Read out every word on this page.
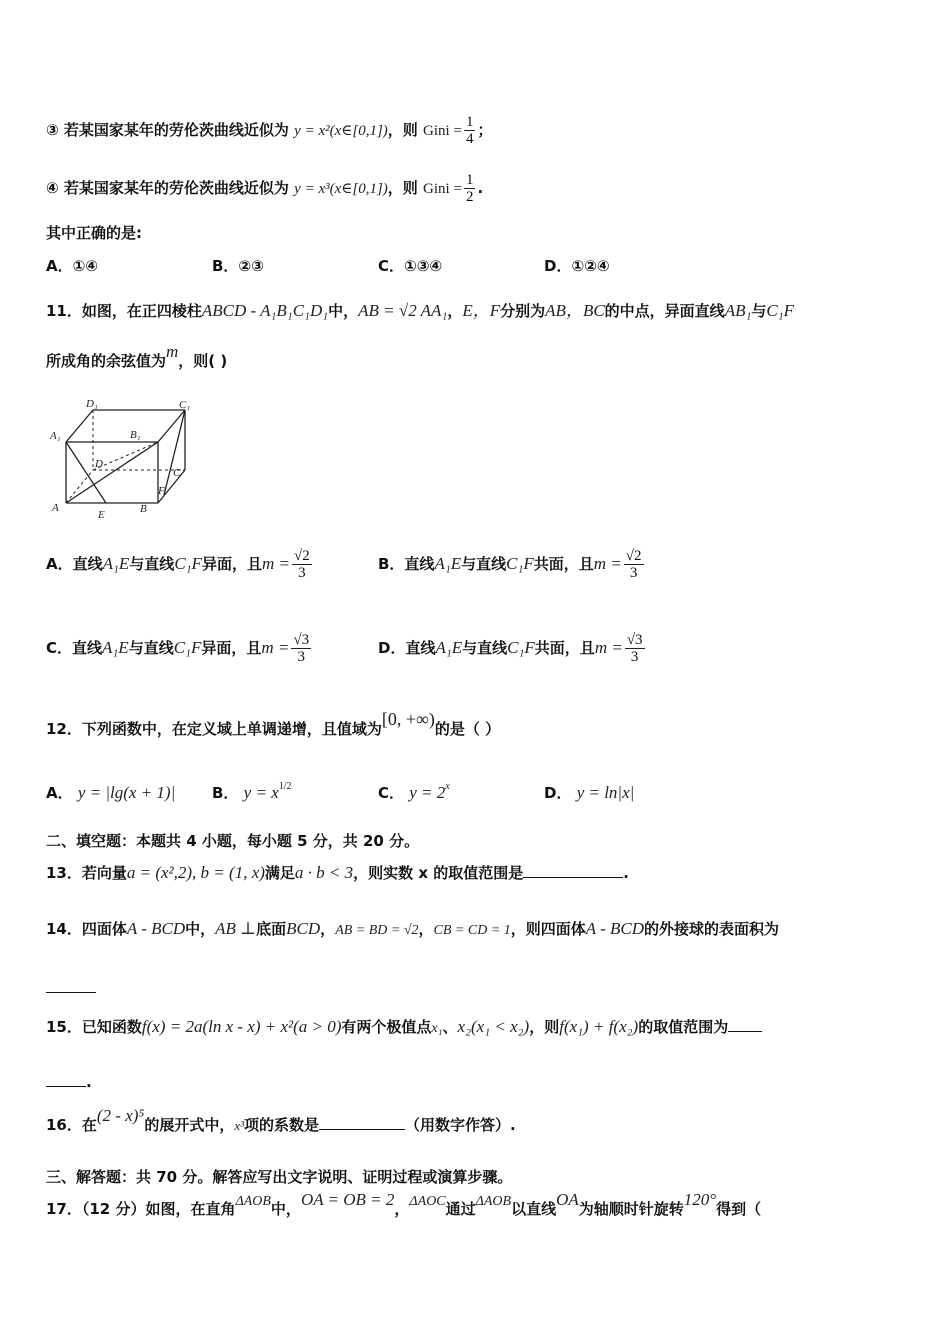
③ 若某国家某年的劳伦茨曲线近似为 y = x²(x∈[0,1])，则 Gini = $\frac{1}{4}$ ；
④ 若某国家某年的劳伦茨曲线近似为 y = x³(x∈[0,1])，则 Gini = $\frac{1}{2}$ .
其中正确的是:
A．①④	B．②③	C．①③④	D．①②④
11．如图，在正四棱柱ABCD - A₁B₁C₁D₁中，AB = √2 AA₁，E，F分别为AB，BC的中点，异面直线AB₁与C₁F
所成角的余弦值为m，则( )
D₁	C₁
A₁	B₁
D
C
F
A
E	B
A．直线A₁E与直线C₁F异面，且$m = \frac{√2}{3}$	B．直线A₁E与直线C₁F共面，且$m = \frac{√2}{3}$
C．直线A₁E与直线C₁F异面，且$m = \frac{√3}{3}$	D．直线A₁E与直线C₁F共面，且$m = \frac{√3}{3}$
12．下列函数中，在定义域上单调递增，且值域为[0, +∞)的是（ ）
A． y = |lg(x + 1)| B． $y = x^{1/2}$	C． $y = 2^x$	D． y = ln|x|
二、填空题：本题共 4 小题，每小题 5 分，共 20 分。
13．若向量a = (x²,2), b = (1, x)满足a · b < 3，则实数 x 的取值范围是	.
14．四面体A - BCD中，AB ⊥底面BCD，AB = BD = √2，CB = CD = 1，则四面体A - BCD的外接球的表面积为
15．已知函数f(x) = 2a(ln x - x) + x²(a > 0)有两个极值点x₁、x₂(x₁ < x₂)，则f(x₁) + f(x₂)的取值范围为
.
16．在(2 - x)⁵的展开式中，x³项的系数是	（用数字作答）.
三、解答题：共 70 分。解答应写出文字说明、证明过程或演算步骤。
17．（12 分）如图，在直角ΔAOB中，OA = OB = 2，ΔAOC通过ΔAOB以直线OA为轴顺时针旋转120°得到（
